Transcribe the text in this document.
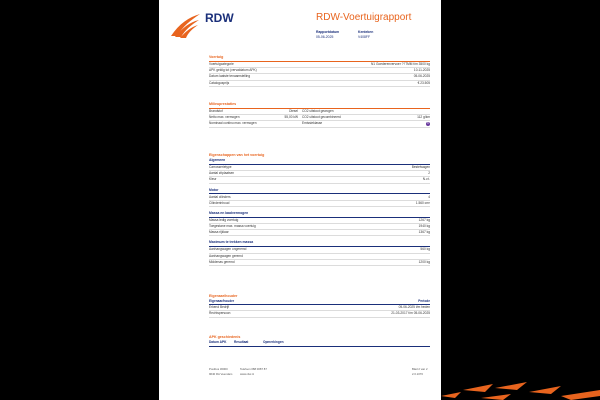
RDW	RDW-Voertuigrapport
Rapportdatum
05-06-2025
Kenteken
V408FF
Voertuig
Voertuigcategorie	N1 Goederenvervoer ??TMM t/m 3500 kg
APK geldig tot (vervaldatum APK)	10-11-2025
Datum laatste tenaamstelling	05-06-2025
Catalogusprijs	€ 23.505
Milieuprestaties
Brandstof	Diesel	CO2 uitstoot gewogen
Netto max. vermogen	55,00 kW	CO2 uitstoot gecombineerd	112 g/km
Nominaal continu max. vermogen	Emissieklasse	6
Eigenschappen van het voertuig
Algemeen
Carrosserietype	Bestelwagen
Aantal zitplaatsen	2
Kleur	N.v.t.
Motor
Aantal cilinders	4
Cilinderinhoud	1.560 cm³
Massa en laadvermogen
Massa ledig voertuig	1267 kg
Toegestane max. massa voertuig	1940 kg
Massa rijklaar	1367 kg
Maximum te trekken massa
Aanhangwagen ongeremd	560 kg
Aanhangwagen geremd
Middenas geremd	1200 kg
Eigenaar/houder
Eigenaar/houder	Periode
Erkend Bedrijf	05-06-2025 t/m heden
Rechtspersoon	21-03-2017 t/m 05-06-2025
APK geschiedenis
Datum APK	Resultaat	Opmerkingen
Postbus 30000
9640 RA Veendam
Telefoon 088 0087 87
www.rdw.nl
Blad 2 van 2
2.0.1076
